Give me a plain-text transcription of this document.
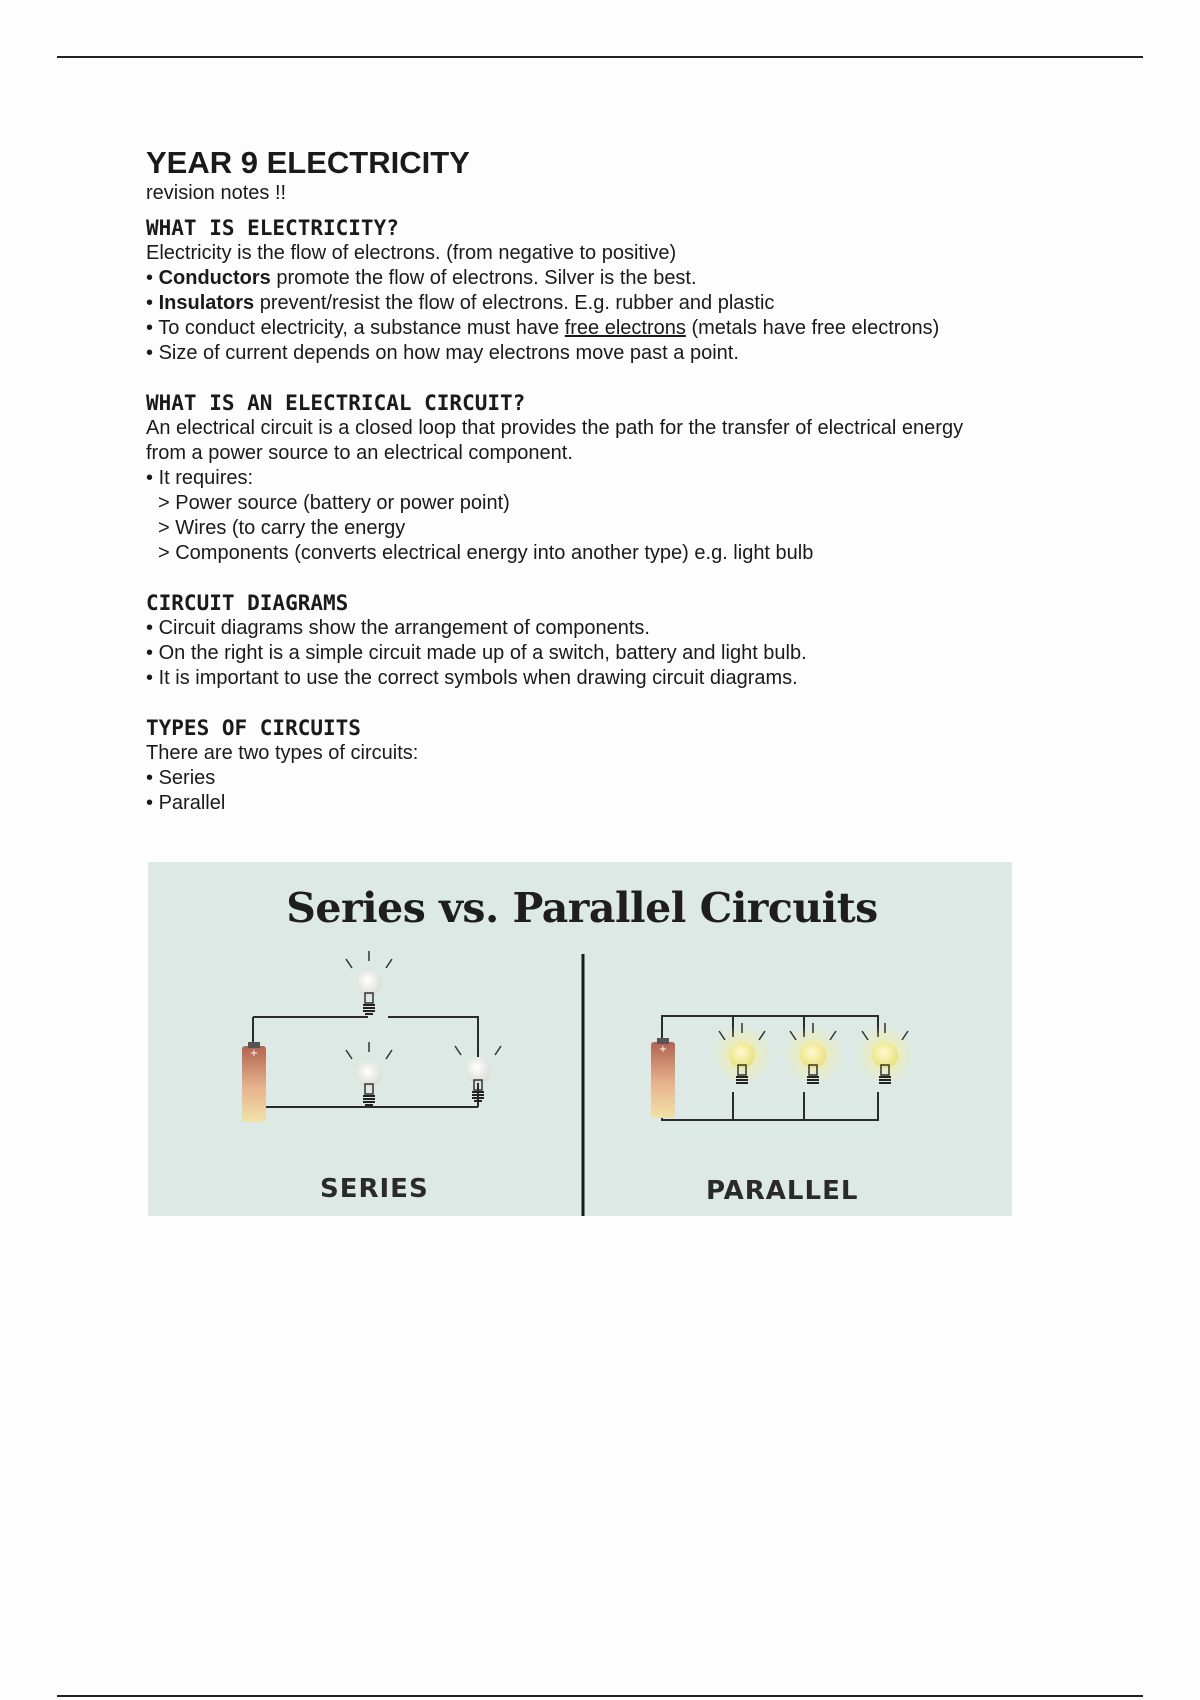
YEAR 9 ELECTRICITY

revision notes !!

WHAT IS ELECTRICITY?

Electricity is the flow of electrons. (from negative to positive)

• Conductors promote the flow of electrons. Silver is the best.

• Insulators prevent/resist the flow of electrons. E.g. rubber and plastic

• To conduct electricity, a substance must have free electrons (metals have free electrons)

• Size of current depends on how may electrons move past a point.

WHAT IS AN ELECTRICAL CIRCUIT?

An electrical circuit is a closed loop that provides the path for the transfer of electrical energy

from a power source to an electrical component.

• It requires:

> Power source (battery or power point)

> Wires (to carry the energy

> Components (converts electrical energy into another type) e.g. light bulb

CIRCUIT DIAGRAMS

• Circuit diagrams show the arrangement of components.

• On the right is a simple circuit made up of a switch, battery and light bulb.

• It is important to use the correct symbols when drawing circuit diagrams.

TYPES OF CIRCUITS

There are two types of circuits:

• Series

• Parallel

+	+
Series vs. Parallel Circuits
SERIES	PARALLEL
